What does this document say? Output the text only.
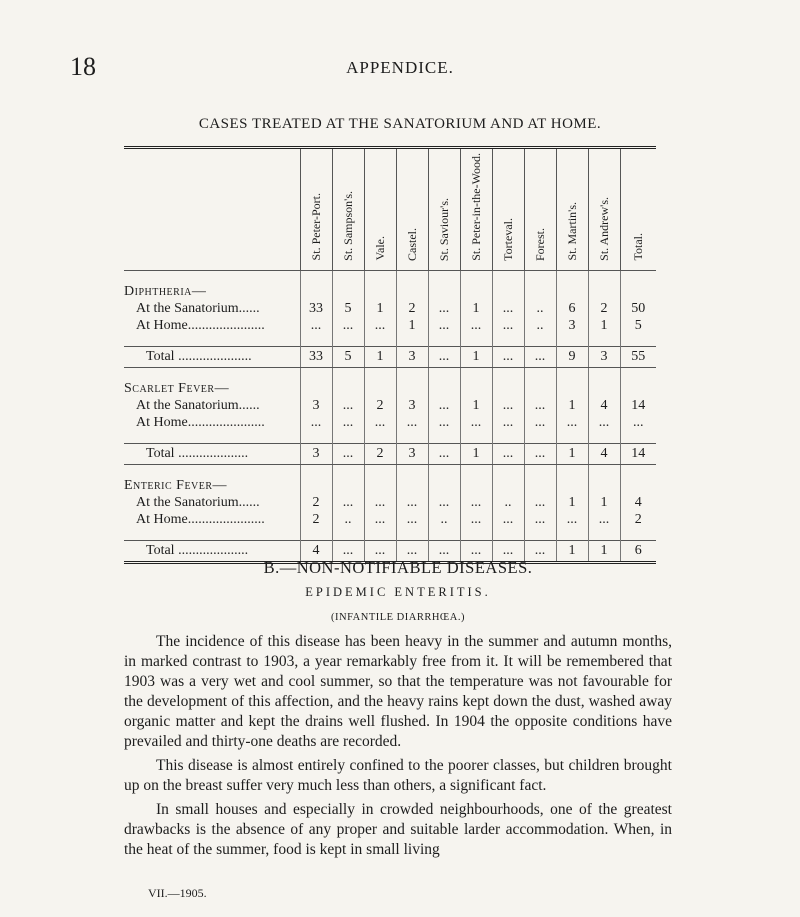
18	APPENDICE.
CASES TREATED AT THE SANATORIUM AND AT HOME.
	St. Peter-Port.	St. Sampson's.	Vale.	Castel.	St. Saviour's.	St. Peter-in-the-Wood.	Torteval.	Forest.	St. Martin's.	St. Andrew's.	Total.

Diphtheria—											
At the Sanatorium......	33	5	1	2	...	1	...	..	6	2	50
At Home......................	...	...	...	1	...	...	...	..	3	1	5

Total .....................	33	5	1	3	...	1	...	...	9	3	55

Scarlet Fever—											
At the Sanatorium......	3	...	2	3	...	1	...	...	1	4	14
At Home......................	...	...	...	...	...	...	...	...	...	...	...

Total ....................	3	...	2	3	...	1	...	...	1	4	14

Enteric Fever—											
At the Sanatorium......	2	...	...	...	...	...	..	...	1	1	4
At Home......................	2	..	...	...	..	...	...	...	...	...	2

Total ....................	4	...	...	...	...	...	...	...	1	1	6

B.—NON-NOTIFIABLE DISEASES.

EPIDEMIC ENTERITIS.

(INFANTILE DIARRHŒA.)

The incidence of this disease has been heavy in the summer and autumn months, in marked contrast to 1903, a year remarkably free from it. It will be remembered that 1903 was a very wet and cool summer, so that the temperature was not favourable for the development of this affection, and the heavy rains kept down the dust, washed away organic matter and kept the drains well flushed. In 1904 the opposite conditions have prevailed and thirty-one deaths are recorded.

This disease is almost entirely confined to the poorer classes, but children brought up on the breast suffer very much less than others, a significant fact.

In small houses and especially in crowded neighbourhoods, one of the greatest drawbacks is the absence of any proper and suitable larder accommodation. When, in the heat of the summer, food is kept in small living

VII.—1905.
